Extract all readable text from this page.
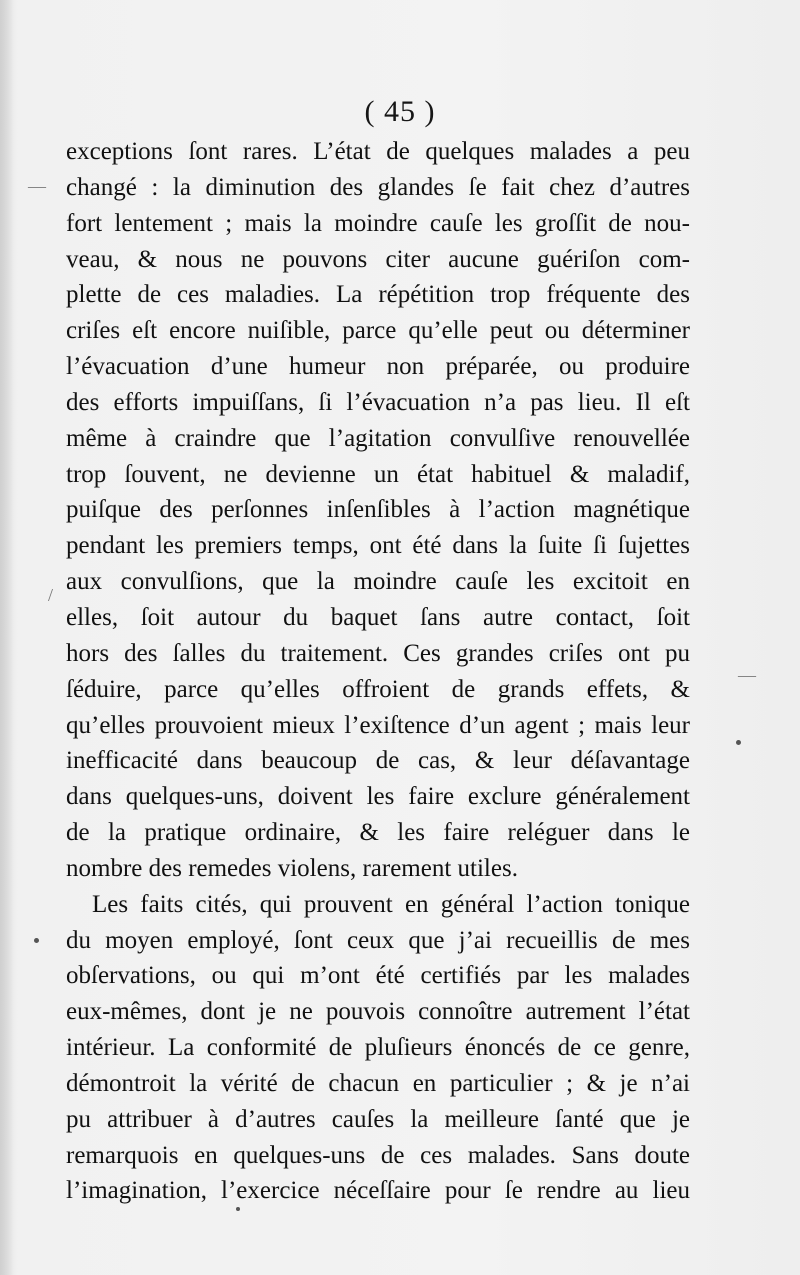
( 45 )
exceptions ſont rares. L’état de quelques malades a peu
changé : la diminution des glandes ſe fait chez d’autres
fort lentement ; mais la moindre cauſe les groſſit de nou-
veau, & nous ne pouvons citer aucune guériſon com-
plette de ces maladies. La répétition trop fréquente des
criſes eſt encore nuiſible, parce qu’elle peut ou déterminer
l’évacuation d’une humeur non préparée, ou produire
des efforts impuiſſans, ſi l’évacuation n’a pas lieu. Il eſt
même à craindre que l’agitation convulſive renouvellée
trop ſouvent, ne devienne un état habituel & maladif,
puiſque des perſonnes inſenſibles à l’action magnétique
pendant les premiers temps, ont été dans la ſuite ſi ſujettes
aux convulſions, que la moindre cauſe les excitoit en
elles, ſoit autour du baquet ſans autre contact, ſoit
hors des ſalles du traitement. Ces grandes criſes ont pu
ſéduire, parce qu’elles offroient de grands effets, &
qu’elles prouvoient mieux l’exiſtence d’un agent ; mais leur
inefficacité dans beaucoup de cas, & leur déſavantage
dans quelques-uns, doivent les faire exclure généralement
de la pratique ordinaire, & les faire reléguer dans le
nombre des remedes violens, rarement utiles.
Les faits cités, qui prouvent en général l’action tonique
du moyen employé, ſont ceux que j’ai recueillis de mes
obſervations, ou qui m’ont été certifiés par les malades
eux-mêmes, dont je ne pouvois connoître autrement l’état
intérieur. La conformité de pluſieurs énoncés de ce genre,
démontroit la vérité de chacun en particulier ; & je n’ai
pu attribuer à d’autres cauſes la meilleure ſanté que je
remarquois en quelques-uns de ces malades. Sans doute
l’imagination, l’exercice néceſſaire pour ſe rendre au lieu
—
—
/
